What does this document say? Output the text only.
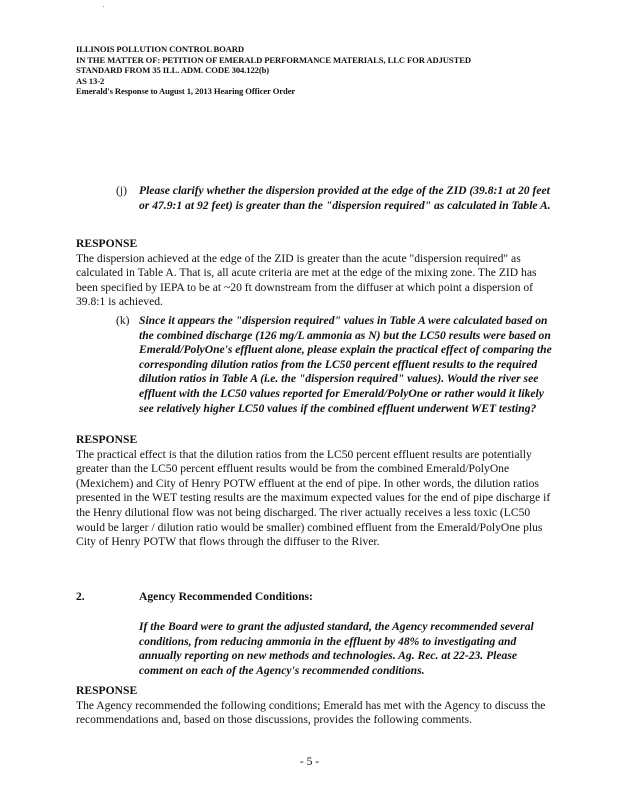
ILLINOIS POLLUTION CONTROL BOARD
IN THE MATTER OF: PETITION OF EMERALD PERFORMANCE MATERIALS, LLC FOR ADJUSTED
STANDARD FROM 35 ILL. ADM. CODE 304.122(b)
AS 13-2
Emerald's Response to August 1, 2013 Hearing Officer Order
(j) Please clarify whether the dispersion provided at the edge of the ZID (39.8:1 at 20 feet or 47.9:1 at 92 feet) is greater than the "dispersion required" as calculated in Table A.
RESPONSE
The dispersion achieved at the edge of the ZID is greater than the acute "dispersion required" as calculated in Table A. That is, all acute criteria are met at the edge of the mixing zone. The ZID has been specified by IEPA to be at ~20 ft downstream from the diffuser at which point a dispersion of 39.8:1 is achieved.
(k) Since it appears the "dispersion required" values in Table A were calculated based on the combined discharge (126 mg/L ammonia as N) but the LC50 results were based on Emerald/PolyOne's effluent alone, please explain the practical effect of comparing the corresponding dilution ratios from the LC50 percent effluent results to the required dilution ratios in Table A (i.e. the "dispersion required" values). Would the river see effluent with the LC50 values reported for Emerald/PolyOne or rather would it likely see relatively higher LC50 values if the combined effluent underwent WET testing?
RESPONSE
The practical effect is that the dilution ratios from the LC50 percent effluent results are potentially greater than the LC50 percent effluent results would be from the combined Emerald/PolyOne (Mexichem) and City of Henry POTW effluent at the end of pipe. In other words, the dilution ratios presented in the WET testing results are the maximum expected values for the end of pipe discharge if the Henry dilutional flow was not being discharged. The river actually receives a less toxic (LC50 would be larger / dilution ratio would be smaller) combined effluent from the Emerald/PolyOne plus City of Henry POTW that flows through the diffuser to the River.
2.	Agency Recommended Conditions:
If the Board were to grant the adjusted standard, the Agency recommended several conditions, from reducing ammonia in the effluent by 48% to investigating and annually reporting on new methods and technologies. Ag. Rec. at 22-23. Please comment on each of the Agency's recommended conditions.
RESPONSE
The Agency recommended the following conditions; Emerald has met with the Agency to discuss the recommendations and, based on those discussions, provides the following comments.
- 5 -
